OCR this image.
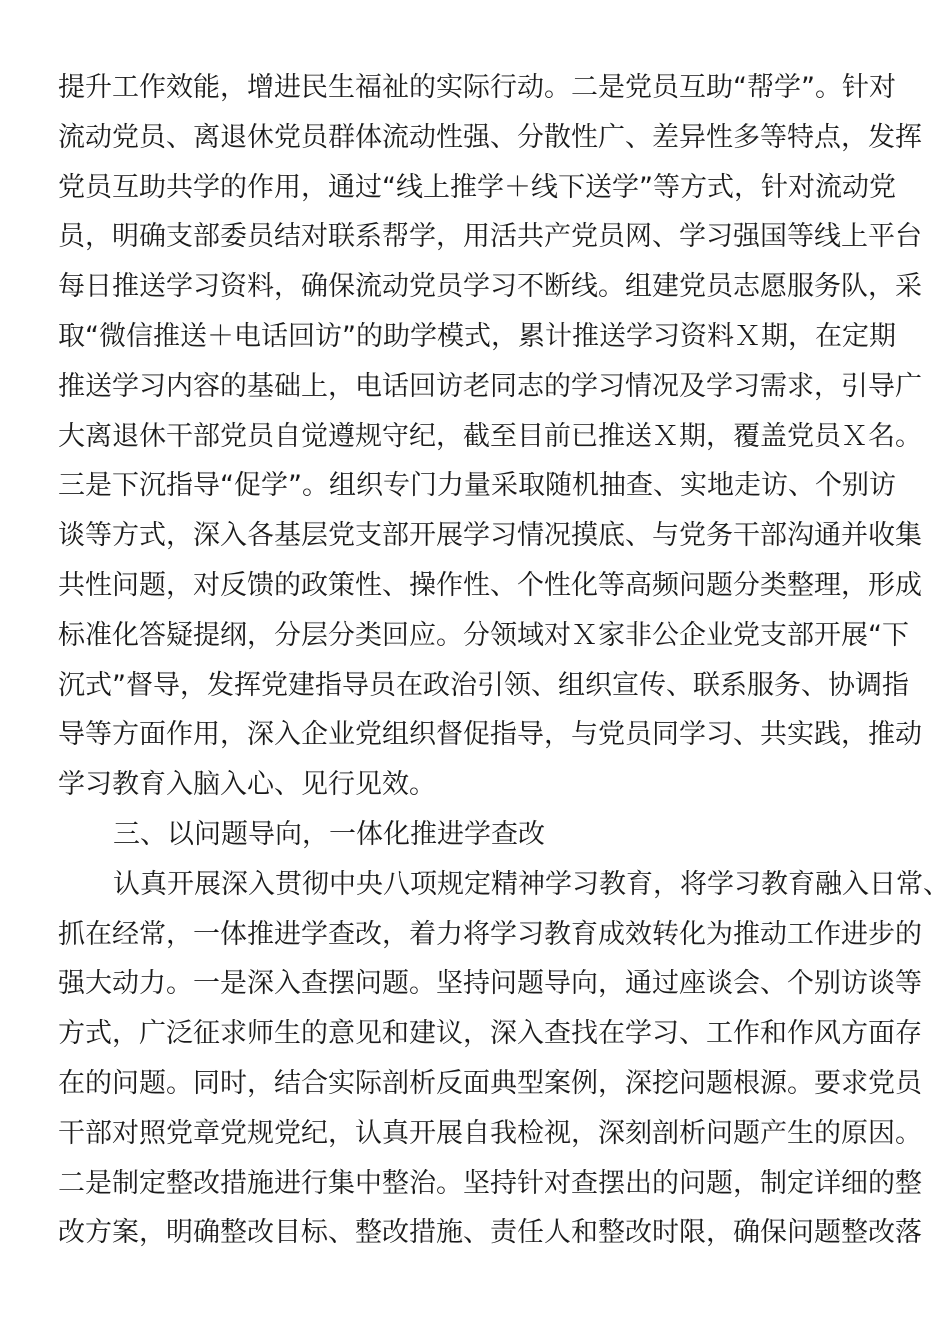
提升工作效能，增进民生福祉的实际行动。二是党员互助“帮学”。针对
流动党员、离退休党员群体流动性强、分散性广、差异性多等特点，发挥
党员互助共学的作用，通过“线上推学＋线下送学”等方式，针对流动党
员，明确支部委员结对联系帮学，用活共产党员网、学习强国等线上平台
每日推送学习资料，确保流动党员学习不断线。组建党员志愿服务队，采
取“微信推送＋电话回访”的助学模式，累计推送学习资料Ｘ期，在定期
推送学习内容的基础上，电话回访老同志的学习情况及学习需求，引导广
大离退休干部党员自觉遵规守纪，截至目前已推送Ｘ期，覆盖党员Ｘ名。
三是下沉指导“促学”。组织专门力量采取随机抽查、实地走访、个别访
谈等方式，深入各基层党支部开展学习情况摸底、与党务干部沟通并收集
共性问题，对反馈的政策性、操作性、个性化等高频问题分类整理，形成
标准化答疑提纲，分层分类回应。分领域对Ｘ家非公企业党支部开展“下
沉式”督导，发挥党建指导员在政治引领、组织宣传、联系服务、协调指
导等方面作用，深入企业党组织督促指导，与党员同学习、共实践，推动
学习教育入脑入心、见行见效。
三、以问题导向，一体化推进学查改
认真开展深入贯彻中央八项规定精神学习教育，将学习教育融入日常、
抓在经常，一体推进学查改，着力将学习教育成效转化为推动工作进步的
强大动力。一是深入查摆问题。坚持问题导向，通过座谈会、个别访谈等
方式，广泛征求师生的意见和建议，深入查找在学习、工作和作风方面存
在的问题。同时，结合实际剖析反面典型案例，深挖问题根源。要求党员
干部对照党章党规党纪，认真开展自我检视，深刻剖析问题产生的原因。
二是制定整改措施进行集中整治。坚持针对查摆出的问题，制定详细的整
改方案，明确整改目标、整改措施、责任人和整改时限，确保问题整改落
